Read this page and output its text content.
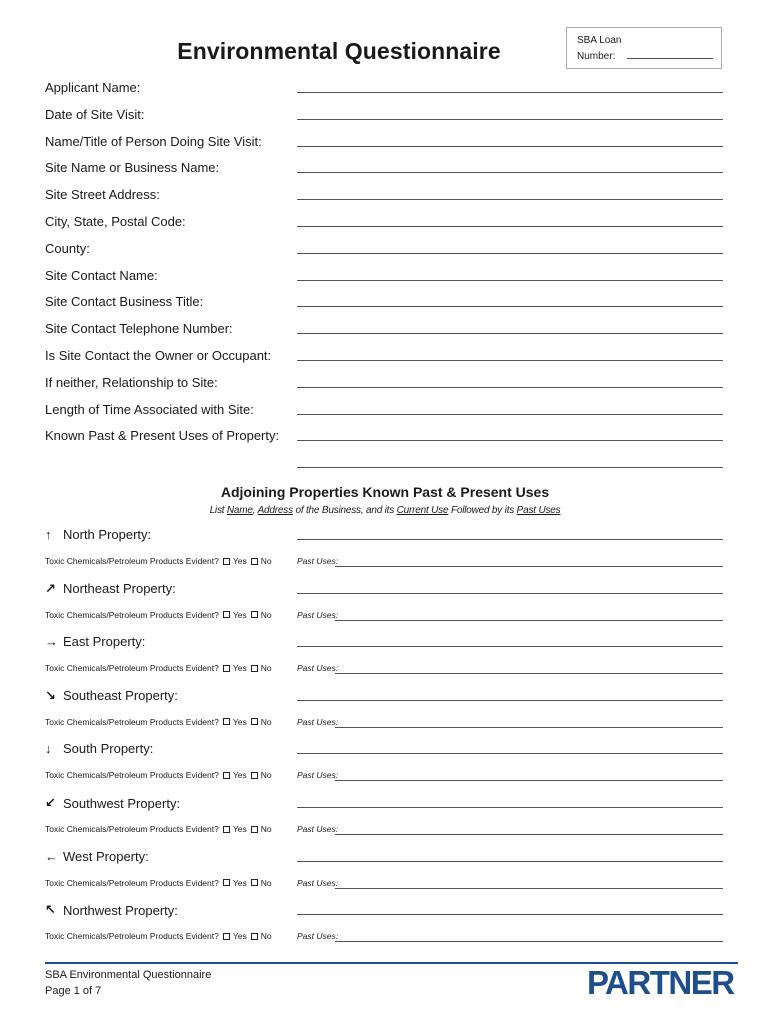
Environmental Questionnaire	SBA Loan
Number:
Applicant Name:
Date of Site Visit:
Name/Title of Person Doing Site Visit:
Site Name or Business Name:
Site Street Address:
City, State, Postal Code:
County:
Site Contact Name:
Site Contact Business Title:
Site Contact Telephone Number:
Is Site Contact the Owner or Occupant:
If neither, Relationship to Site:
Length of Time Associated with Site:
Known Past & Present Uses of Property:
Adjoining Properties Known Past & Present Uses
List Name, Address of the Business, and its Current Use Followed by its Past Uses
↑ North Property:
Toxic Chemicals/Petroleum Products Evident? Yes No	Past Uses:
↗ Northeast Property:
Toxic Chemicals/Petroleum Products Evident? Yes No	Past Uses:
→ East Property:
Toxic Chemicals/Petroleum Products Evident? Yes No	Past Uses:
↘ Southeast Property:
Toxic Chemicals/Petroleum Products Evident? Yes No	Past Uses:
↓ South Property:
Toxic Chemicals/Petroleum Products Evident? Yes No	Past Uses:
↙ Southwest Property:
Toxic Chemicals/Petroleum Products Evident? Yes No	Past Uses:
← West Property:
Toxic Chemicals/Petroleum Products Evident? Yes No	Past Uses:
↖ Northwest Property:
Toxic Chemicals/Petroleum Products Evident? Yes No	Past Uses:
SBA Environmental Questionnaire
Page 1 of 7	PARTNER
